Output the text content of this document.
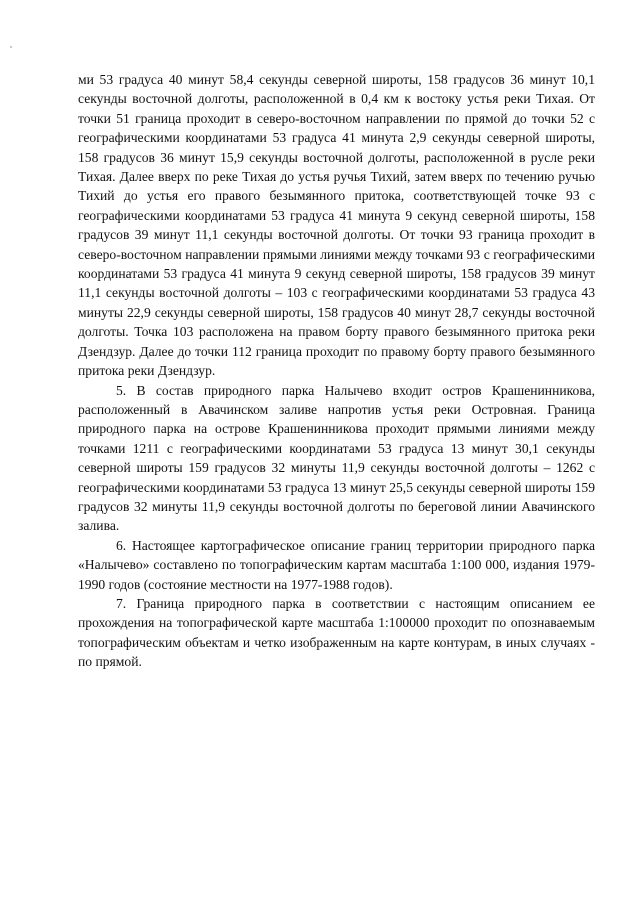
ми 53 градуса 40 минут 58,4 секунды северной широты, 158 градусов 36 минут 10,1 секунды восточной долготы, расположенной в 0,4 км к востоку устья реки Тихая. От точки 51 граница проходит в северо-восточном направлении по прямой до точки 52 с географическими координатами 53 градуса 41 минута 2,9 секунды северной широты, 158 градусов 36 минут 15,9 секунды восточной долготы, расположенной в русле реки Тихая. Далее вверх по реке Тихая до устья ручья Тихий, затем вверх по течению ручью Тихий до устья его правого безымянного притока, соответствующей точке 93 с географическими координатами 53 градуса 41 минута 9 секунд северной широты, 158 градусов 39 минут 11,1 секунды восточной долготы. От точки 93 граница проходит в северо-восточном направлении прямыми линиями между точками 93 с географическими координатами 53 градуса 41 минута 9 секунд северной широты, 158 градусов 39 минут 11,1 секунды восточной долготы – 103 с географическими координатами 53 градуса 43 минуты 22,9 секунды северной широты, 158 градусов 40 минут 28,7 секунды восточной долготы. Точка 103 расположена на правом борту правого безымянного притока реки Дзендзур. Далее до точки 112 граница проходит по правому борту правого безымянного притока реки Дзендзур.

5. В состав природного парка Налычево входит остров Крашенинникова, расположенный в Авачинском заливе напротив устья реки Островная. Граница природного парка на острове Крашенинникова проходит прямыми линиями между точками 1211 с географическими координатами 53 градуса 13 минут 30,1 секунды северной широты 159 градусов 32 минуты 11,9 секунды восточной долготы – 1262 с географическими координатами 53 градуса 13 минут 25,5 секунды северной широты 159 градусов 32 минуты 11,9 секунды восточной долготы по береговой линии Авачинского залива.

6. Настоящее картографическое описание границ территории природного парка «Налычево» составлено по топографическим картам масштаба 1:100 000, издания 1979-1990 годов (состояние местности на 1977-1988 годов).

7. Граница природного парка в соответствии с настоящим описанием ее прохождения на топографической карте масштаба 1:100000 проходит по опознаваемым топографическим объектам и четко изображенным на карте контурам, в иных случаях - по прямой.
